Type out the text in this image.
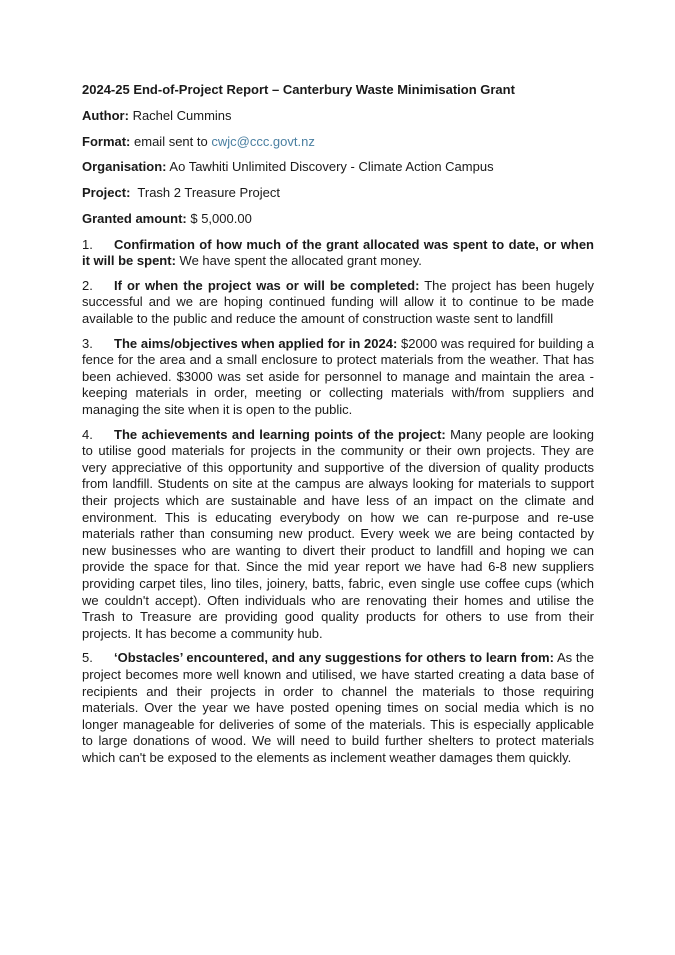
2024-25 End-of-Project Report – Canterbury Waste Minimisation Grant
Author: Rachel Cummins
Format: email sent to cwjc@ccc.govt.nz
Organisation: Ao Tawhiti Unlimited Discovery - Climate Action Campus
Project: Trash 2 Treasure Project
Granted amount: $ 5,000.00

1. Confirmation of how much of the grant allocated was spent to date, or when it will be spent: We have spent the allocated grant money.

2. If or when the project was or will be completed: The project has been hugely successful and we are hoping continued funding will allow it to continue to be made available to the public and reduce the amount of construction waste sent to landfill

3. The aims/objectives when applied for in 2024: $2000 was required for building a fence for the area and a small enclosure to protect materials from the weather. That has been achieved. $3000 was set aside for personnel to manage and maintain the area - keeping materials in order, meeting or collecting materials with/from suppliers and managing the site when it is open to the public.

4. The achievements and learning points of the project: Many people are looking to utilise good materials for projects in the community or their own projects. They are very appreciative of this opportunity and supportive of the diversion of quality products from landfill. Students on site at the campus are always looking for materials to support their projects which are sustainable and have less of an impact on the climate and environment. This is educating everybody on how we can re-purpose and re-use materials rather than consuming new product. Every week we are being contacted by new businesses who are wanting to divert their product to landfill and hoping we can provide the space for that. Since the mid year report we have had 6-8 new suppliers providing carpet tiles, lino tiles, joinery, batts, fabric, even single use coffee cups (which we couldn't accept). Often individuals who are renovating their homes and utilise the Trash to Treasure are providing good quality products for others to use from their projects. It has become a community hub.

5. ‘Obstacles’ encountered, and any suggestions for others to learn from: As the project becomes more well known and utilised, we have started creating a data base of recipients and their projects in order to channel the materials to those requiring materials. Over the year we have posted opening times on social media which is no longer manageable for deliveries of some of the materials. This is especially applicable to large donations of wood. We will need to build further shelters to protect materials which can't be exposed to the elements as inclement weather damages them quickly.
